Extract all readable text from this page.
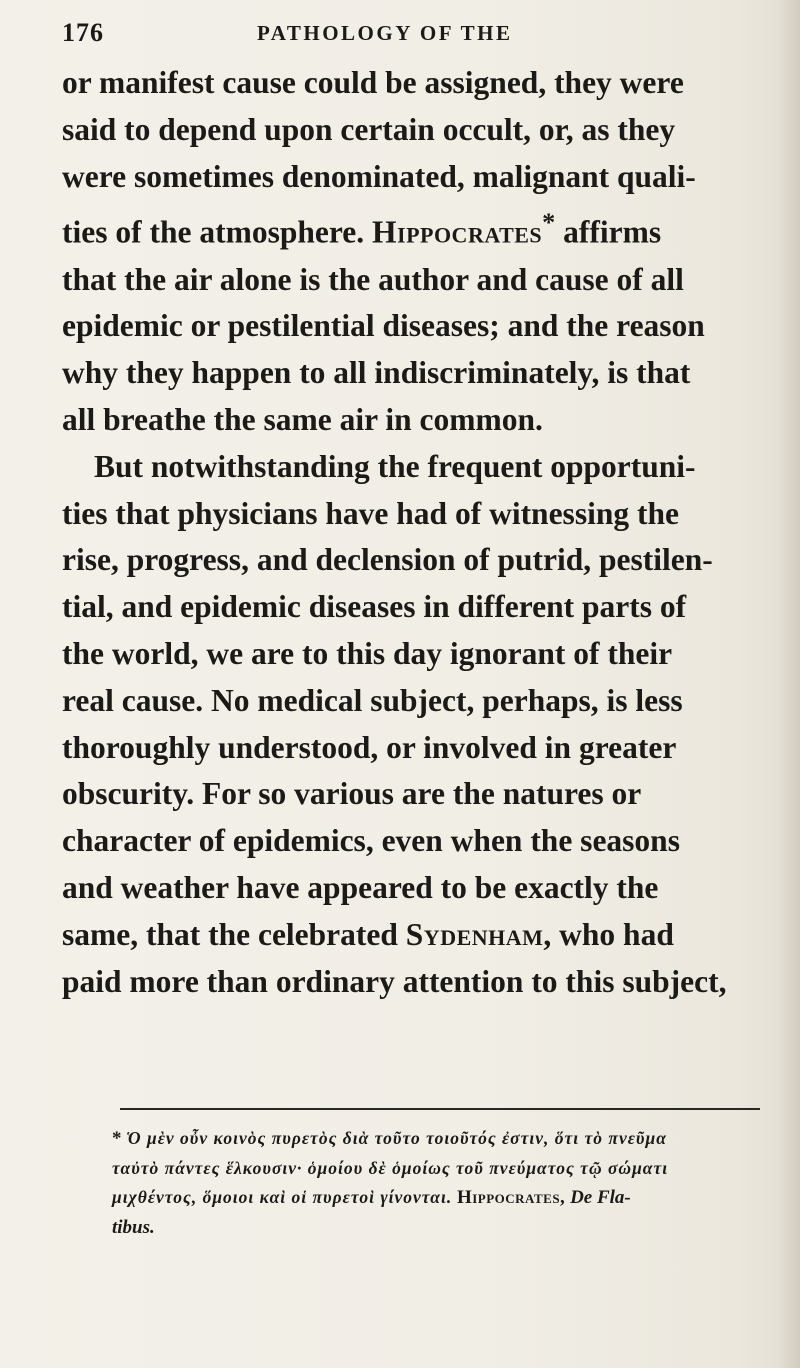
176	PATHOLOGY OF THE
or manifest cause could be assigned, they were
said to depend upon certain occult, or, as they
were sometimes denominated, malignant quali-
ties of the atmosphere. Hippocrates* affirms
that the air alone is the author and cause of all
epidemic or pestilential diseases; and the reason
why they happen to all indiscriminately, is that
all breathe the same air in common.
But notwithstanding the frequent opportuni-
ties that physicians have had of witnessing the
rise, progress, and declension of putrid, pestilen-
tial, and epidemic diseases in different parts of
the world, we are to this day ignorant of their
real cause. No medical subject, perhaps, is less
thoroughly understood, or involved in greater
obscurity. For so various are the natures or
character of epidemics, even when the seasons
and weather have appeared to be exactly the
same, that the celebrated Sydenham, who had
paid more than ordinary attention to this subject,
* Ὁ μὲν οὖν κοινὸς πυρετὸς διὰ τοῦτο τοιοῦτός ἐστιν, ὅτι τὸ πνεῦμα
ταὐτὸ πάντες ἕλκουσιν· ὁμοίου δὲ ὁμοίως τοῦ πνεύματος τῷ σώματι
μιχθέντος, ὅμοιοι καὶ οἱ πυρετοὶ γίνονται. Hippocrates, De Fla-
tibus.
